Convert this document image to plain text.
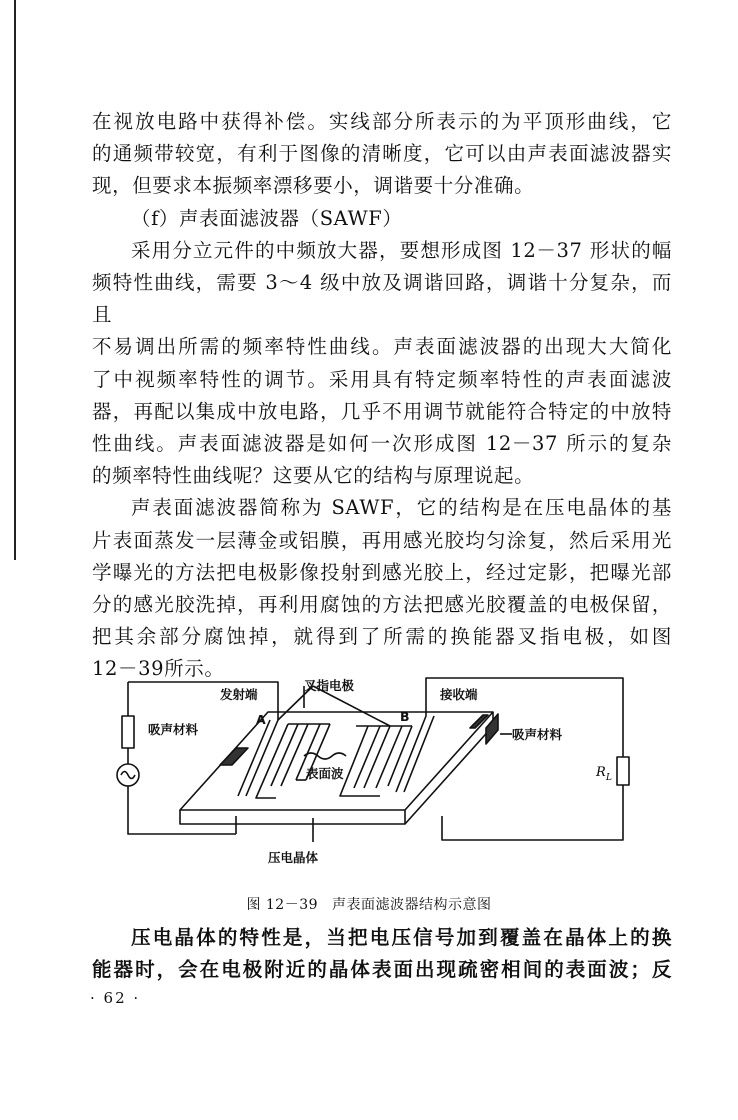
在视放电路中获得补偿。实线部分所表示的为平顶形曲线，它

的通频带较宽，有利于图像的清晰度，它可以由声表面滤波器实

现，但要求本振频率漂移要小，调谐要十分准确。

（f）声表面滤波器（SAWF）

采用分立元件的中频放大器，要想形成图 12－37 形状的幅

频特性曲线，需要 3～4 级中放及调谐回路，调谐十分复杂，而且

不易调出所需的频率特性曲线。声表面滤波器的出现大大简化

了中视频率特性的调节。采用具有特定频率特性的声表面滤波

器，再配以集成中放电路，几乎不用调节就能符合特定的中放特

性曲线。声表面滤波器是如何一次形成图 12－37 所示的复杂

的频率特性曲线呢？这要从它的结构与原理说起。

声表面滤波器简称为 SAWF，它的结构是在压电晶体的基

片表面蒸发一层薄金或铝膜，再用感光胶均匀涂复，然后采用光

学曝光的方法把电极影像投射到感光胶上，经过定影，把曝光部

分的感光胶洗掉，再利用腐蚀的方法把感光胶覆盖的电极保留，

把其余部分腐蚀掉，就得到了所需的换能器叉指电极，如图

12－39所示。

发射端
叉指电极
接收端
吸声材料	吸声材料
A	B
表面波
压电晶体
R L
图 12－39 声表面滤波器结构示意图

压电晶体的特性是，当把电压信号加到覆盖在晶体上的换

能器时，会在电极附近的晶体表面出现疏密相间的表面波；反

· 62 ·
